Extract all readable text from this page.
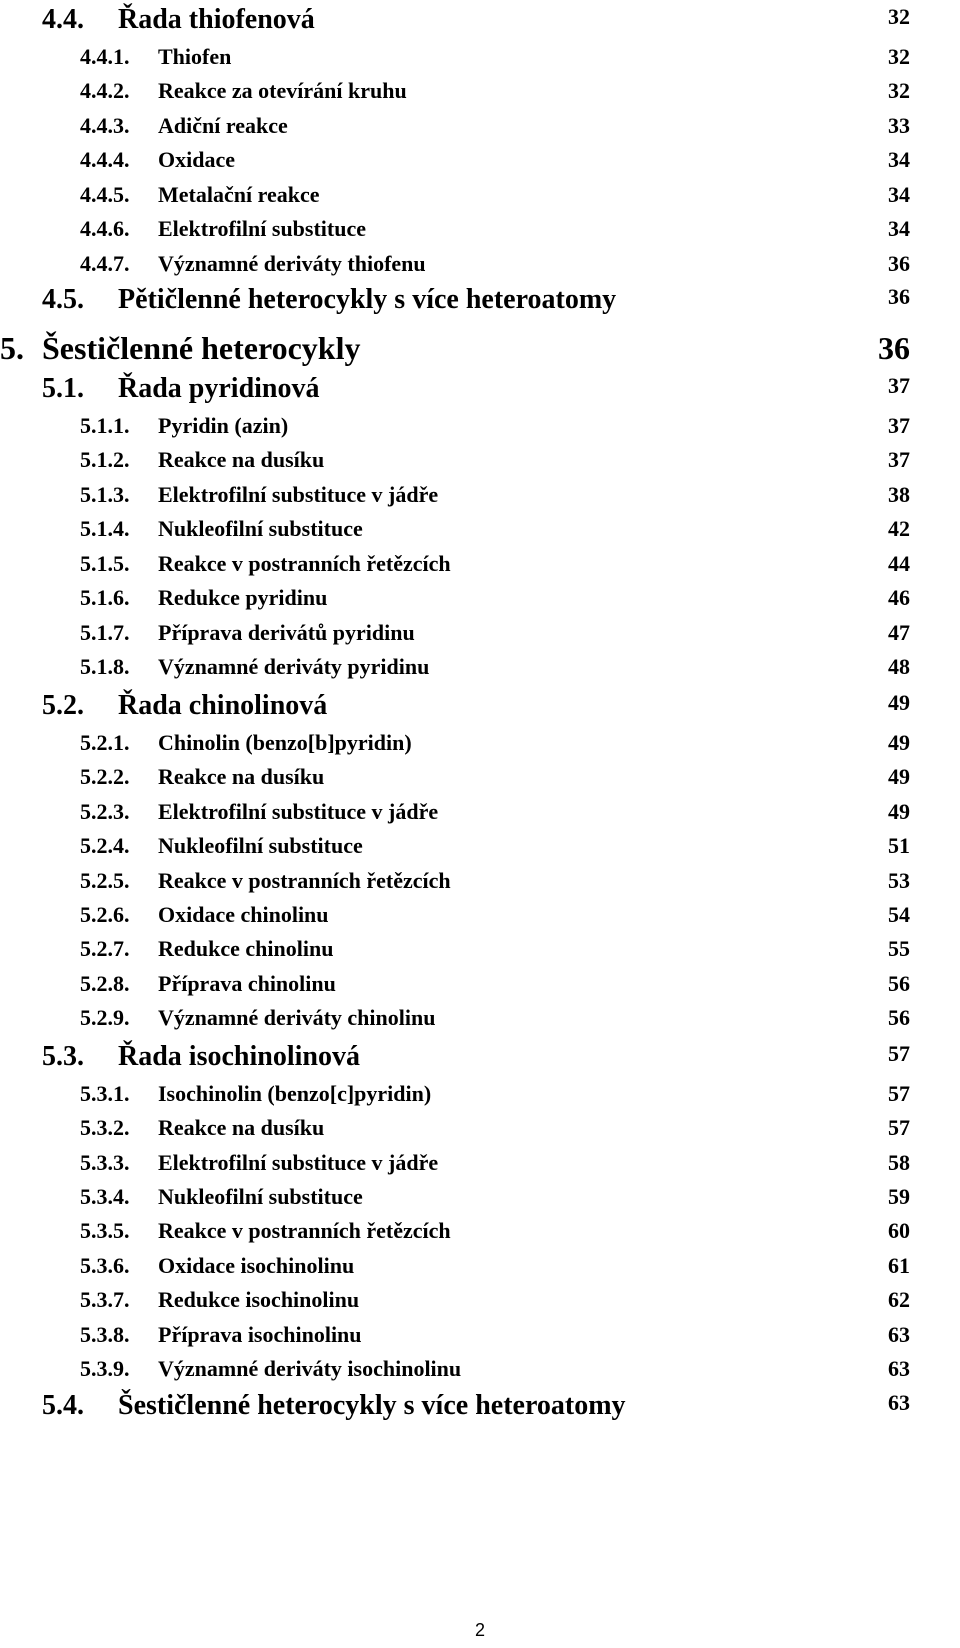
4.4. Řada thiofenová	32
4.4.1. Thiofen	32
4.4.2. Reakce za otevírání kruhu	32
4.4.3. Adiční reakce	33
4.4.4. Oxidace	34
4.4.5. Metalační reakce	34
4.4.6. Elektrofilní substituce	34
4.4.7. Významné deriváty thiofenu	36
4.5. Pětičlenné heterocykly s více heteroatomy	36
5. Šestičlenné heterocykly	36
5.1. Řada pyridinová	37
5.1.1. Pyridin (azin)	37
5.1.2. Reakce na dusíku	37
5.1.3. Elektrofilní substituce v jádře	38
5.1.4. Nukleofilní substituce	42
5.1.5. Reakce v postranních řetězcích	44
5.1.6. Redukce pyridinu	46
5.1.7. Příprava derivátů pyridinu	47
5.1.8. Významné deriváty pyridinu	48
5.2. Řada chinolinová	49
5.2.1. Chinolin (benzo[b]pyridin)	49
5.2.2. Reakce na dusíku	49
5.2.3. Elektrofilní substituce v jádře	49
5.2.4. Nukleofilní substituce	51
5.2.5. Reakce v postranních řetězcích	53
5.2.6. Oxidace chinolinu	54
5.2.7. Redukce chinolinu	55
5.2.8. Příprava chinolinu	56
5.2.9. Významné deriváty chinolinu	56
5.3. Řada isochinolinová	57
5.3.1. Isochinolin (benzo[c]pyridin)	57
5.3.2. Reakce na dusíku	57
5.3.3. Elektrofilní substituce v jádře	58
5.3.4. Nukleofilní substituce	59
5.3.5. Reakce v postranních řetězcích	60
5.3.6. Oxidace isochinolinu	61
5.3.7. Redukce isochinolinu	62
5.3.8. Příprava isochinolinu	63
5.3.9. Významné deriváty isochinolinu	63
5.4. Šestičlenné heterocykly s více heteroatomy	63
2
